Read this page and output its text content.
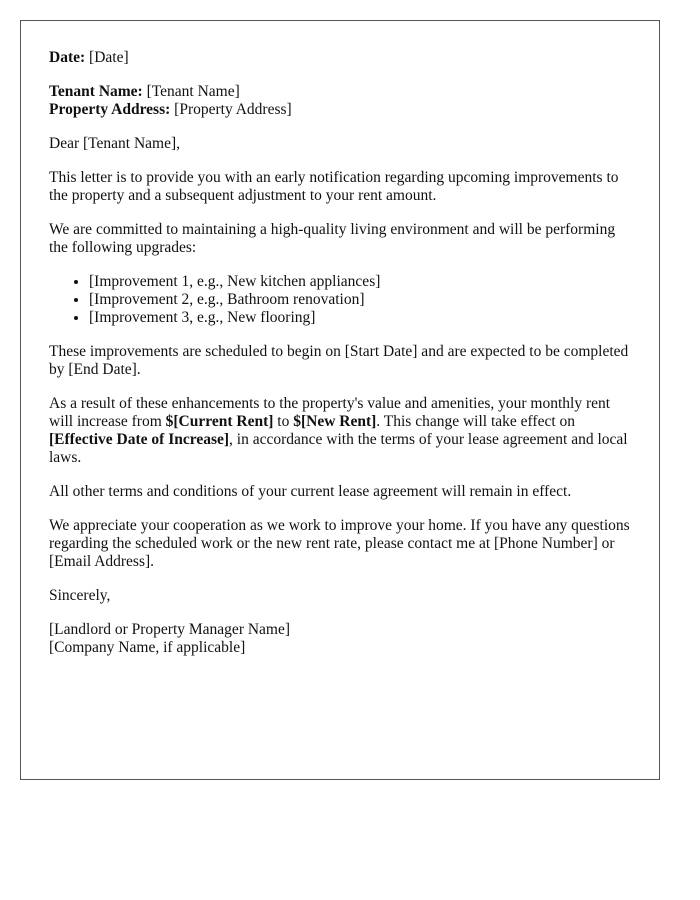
Date: [Date]

Tenant Name: [Tenant Name]
Property Address: [Property Address]

Dear [Tenant Name],

This letter is to provide you with an early notification regarding upcoming improvements to the property and a subsequent adjustment to your rent amount.

We are committed to maintaining a high-quality living environment and will be performing the following upgrades:

• [Improvement 1, e.g., New kitchen appliances]
• [Improvement 2, e.g., Bathroom renovation]
• [Improvement 3, e.g., New flooring]

These improvements are scheduled to begin on [Start Date] and are expected to be completed by [End Date].

As a result of these enhancements to the property's value and amenities, your monthly rent will increase from $[Current Rent] to $[New Rent]. This change will take effect on [Effective Date of Increase], in accordance with the terms of your lease agreement and local laws.

All other terms and conditions of your current lease agreement will remain in effect.

We appreciate your cooperation as we work to improve your home. If you have any questions regarding the scheduled work or the new rent rate, please contact me at [Phone Number] or [Email Address].

Sincerely,

[Landlord or Property Manager Name]
[Company Name, if applicable]
